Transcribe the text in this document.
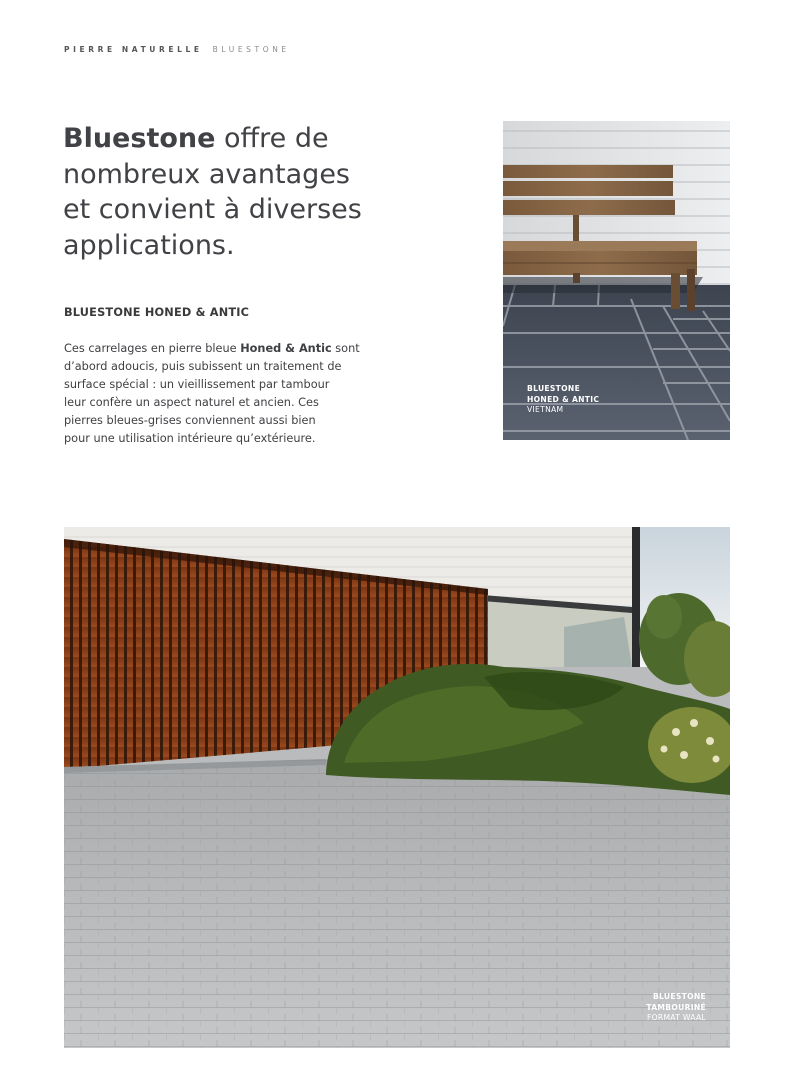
PIERRE NATURELLE BLUESTONE
Bluestone offre de
nombreux avantages
et convient à diverses
applications.
BLUESTONE HONED & ANTIC

Ces carrelages en pierre bleue Honed & Antic sont
d’abord adoucis, puis subissent un traitement de
surface spécial : un vieillissement par tambour
leur confère un aspect naturel et ancien. Ces
pierres bleues-grises conviennent aussi bien
pour une utilisation intérieure qu’extérieure.

BLUESTONE
HONED & ANTIC
VIETNAM
BLUESTONE
TAMBOURINÉ
FORMAT WAAL
